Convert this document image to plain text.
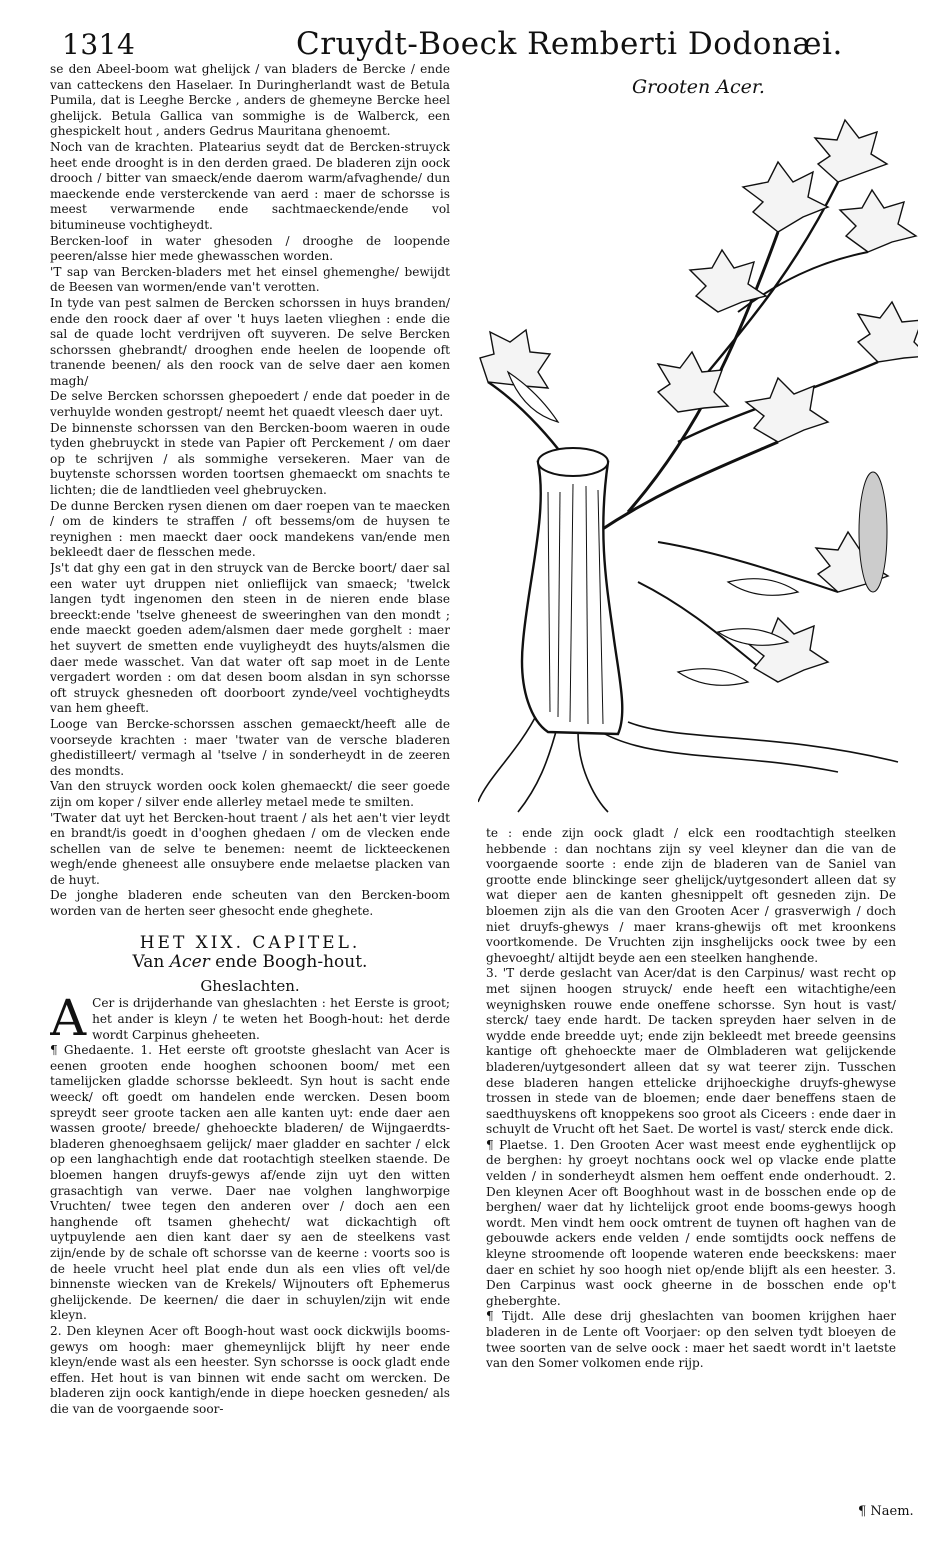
1314	Cruydt-Boeck Remberti Dodonæi.

se den Abeel-boom wat ghelijck / van bladers de Bercke / ende van catteckens den Haselaer. In Duringherlandt wast de Betula Pumila, dat is Leeghe Bercke , anders de ghemeyne Bercke heel ghelijck. Betula Gallica van sommighe is de Walberck, een ghespickelt hout , anders Gedrus Mauritana ghenoemt.

Noch van de krachten. Platearius seydt dat de Bercken-struyck heet ende drooght is in den derden graed. De bladeren zijn oock drooch / bitter van smaeck/ende daerom warm/afvaghende/ dun maeckende ende versterckende van aerd : maer de schorsse is meest verwarmende ende sachtmaeckende/ende vol bitumineuse vochtigheydt.

Bercken-loof in water ghesoden / drooghe de loopende peeren/alsse hier mede ghewasschen worden.

'T sap van Bercken-bladers met het einsel ghemenghe/ bewijdt de Beesen van wormen/ende van't verotten.

In tyde van pest salmen de Bercken schorssen in huys branden/ ende den roock daer af over 't huys laeten vlieghen : ende die sal de quade locht verdrijven oft suyveren. De selve Bercken schorssen ghebrandt/ drooghen ende heelen de loopende oft tranende beenen/ als den roock van de selve daer aen komen magh/

De selve Bercken schorssen ghepoedert / ende dat poeder in de verhuylde wonden gestropt/ neemt het quaedt vleesch daer uyt.

De binnenste schorssen van den Bercken-boom waeren in oude tyden ghebruyckt in stede van Papier oft Perckement / om daer op te schrijven / als sommighe versekeren. Maer van de buytenste schorssen worden toortsen ghemaeckt om snachts te lichten; die de landtlieden veel ghebruycken.

De dunne Bercken rysen dienen om daer roepen van te maecken / om de kinders te straffen / oft bessems/om de huysen te reynighen : men maeckt daer oock mandekens van/ende men bekleedt daer de flesschen mede.

Js't dat ghy een gat in den struyck van de Bercke boort/ daer sal een water uyt druppen niet onlieflijck van smaeck; 'twelck langen tydt ingenomen den steen in de nieren ende blase breeckt:ende 'tselve gheneest de sweeringhen van den mondt ; ende maeckt goeden adem/alsmen daer mede gorghelt : maer het suyvert de smetten ende vuyligheydt des huyts/alsmen die daer mede wasschet. Van dat water oft sap moet in de Lente vergadert worden : om dat desen boom alsdan in syn schorsse oft struyck ghesneden oft doorboort zynde/veel vochtigheydts van hem gheeft.

Looge van Bercke-schorssen asschen gemaeckt/heeft alle de voorseyde krachten : maer 'twater van de versche bladeren ghedistilleert/ vermagh al 'tselve / in sonderheydt in de zeeren des mondts.

Van den struyck worden oock kolen ghemaeckt/ die seer goede zijn om koper / silver ende allerley metael mede te smilten.

'Twater dat uyt het Bercken-hout traent / als het aen't vier leydt en brandt/is goedt in d'ooghen ghedaen / om de vlecken ende schellen van de selve te benemen: neemt de lickteeckenen wegh/ende gheneest alle onsuybere ende melaetse placken van de huyt.

De jonghe bladeren ende scheuten van den Bercken-boom worden van de herten seer ghesocht ende gheghete.

HET XIX. CAPITEL.

Van Acer ende Boogh-hout.

Gheslachten.

A Cer is drijderhande van gheslachten : het Eerste is groot; het ander is kleyn / te weten het Boogh-hout: het derde wordt Carpinus gheheeten.

¶ Ghedaente. 1. Het eerste oft grootste gheslacht van Acer is eenen grooten ende hooghen schoonen boom/ met een tamelijcken gladde schorsse bekleedt. Syn hout is sacht ende weeck/ oft goedt om handelen ende wercken. Desen boom spreydt seer groote tacken aen alle kanten uyt: ende daer aen wassen groote/ breede/ ghehoeckte bladeren/ de Wijngaerdts-bladeren ghenoeghsaem gelijck/ maer gladder en sachter / elck op een langhachtigh ende dat rootachtigh steelken staende. De bloemen hangen druyfs-gewys af/ende zijn uyt den witten grasachtigh van verwe. Daer nae volghen langhworpige Vruchten/ twee tegen den anderen over / doch aen een hanghende oft tsamen ghehecht/ wat dickachtigh oft uytpuylende aen dien kant daer sy aen de steelkens vast zijn/ende by de schale oft schorsse van de keerne : voorts soo is de heele vrucht heel plat ende dun als een vlies oft vel/de binnenste wiecken van de Krekels/ Wijnouters oft Ephemerus ghelijckende. De keernen/ die daer in schuylen/zijn wit ende kleyn.

2. Den kleynen Acer oft Boogh-hout wast oock dickwijls booms-gewys om hoogh: maer ghemeynlijck blijft hy neer ende kleyn/ende wast als een heester. Syn schorsse is oock gladt ende effen. Het hout is van binnen wit ende sacht om wercken. De bladeren zijn oock kantigh/ende in diepe hoecken gesneden/ als die van de voorgaende soor-

Grooten Acer.

te : ende zijn oock gladt / elck een roodtachtigh steelken hebbende : dan nochtans zijn sy veel kleyner dan die van de voorgaende soorte : ende zijn de bladeren van de Saniel van grootte ende blinckinge seer ghelijck/uytgesondert alleen dat sy wat dieper aen de kanten ghesnippelt oft gesneden zijn. De bloemen zijn als die van den Grooten Acer / grasverwigh / doch niet druyfs-ghewys / maer krans-ghewijs oft met kroonkens voortkomende. De Vruchten zijn insghelijcks oock twee by een ghevoeght/ altijdt beyde aen een steelken hanghende.

3. 'T derde geslacht van Acer/dat is den Carpinus/ wast recht op met sijnen hoogen struyck/ ende heeft een witachtighe/een weynighsken rouwe ende oneffene schorsse. Syn hout is vast/ sterck/ taey ende hardt. De tacken spreyden haer selven in de wydde ende breedde uyt; ende zijn bekleedt met breede geensins kantige oft ghehoeckte maer de Olmbladeren wat gelijckende bladeren/uytgesondert alleen dat sy wat teerer zijn. Tusschen dese bladeren hangen ettelicke drijhoeckighe druyfs-ghewyse trossen in stede van de bloemen; ende daer beneffens staen de saedthuyskens oft knoppekens soo groot als Ciceers : ende daer in schuylt de Vrucht oft het Saet. De wortel is vast/ sterck ende dick.

¶ Plaetse. 1. Den Grooten Acer wast meest ende eyghentlijck op de berghen: hy groeyt nochtans oock wel op vlacke ende platte velden / in sonderheydt alsmen hem oeffent ende onderhoudt. 2. Den kleynen Acer oft Booghhout wast in de bosschen ende op de berghen/ waer dat hy lichtelijck groot ende booms-gewys hoogh wordt. Men vindt hem oock omtrent de tuynen oft haghen van de gebouwde ackers ende velden / ende somtijdts oock neffens de kleyne stroomende oft loopende wateren ende beeckskens: maer daer en schiet hy soo hoogh niet op/ende blijft als een heester. 3. Den Carpinus wast oock gheerne in de bosschen ende op't gheberghte.

¶ Tijdt. Alle dese drij gheslachten van boomen krijghen haer bladeren in de Lente oft Voorjaer: op den selven tydt bloeyen de twee soorten van de selve oock : maer het saedt wordt in't laetste van den Somer volkomen ende rijp.

¶ Naem.
